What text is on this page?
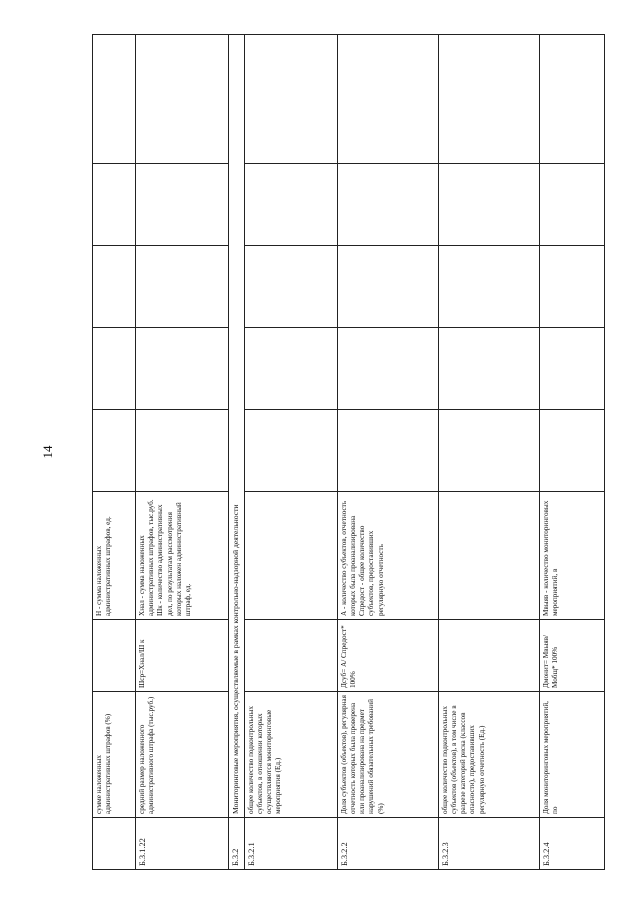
14
	сумме наложенных административных штрафов (%)		Н - сумма наложенных административных штрафов, ед.					
Б.3.1.22	средний размер наложенного административного штрафа (тыс.руб.)	Шср=Хнал/Ш к	Хнал - сумма наложенных административных штрафов, тыс.руб. Шк - количество административных дел, по результатам рассмотрения которых наложен административный штраф, ед.					
Б.3.2	Мониторинговые мероприятия, осуществляемые в рамках контрольно-надзорной деятельности							
Б.3.2.1	общее количество подконтрольных субъектов, в отношении которых осуществляются мониторинговые мероприятия (Ед.)							
Б.3.2.2	Доля субъектов (объектов), регулярная отчетность которых была проверена или проанализирована на предмет нарушений обязательных требований (%)	Дсуб= А/ Спредост* 100%	А - количество субъектов, отчетность которых была проанализирована Спредост - общее количество субъектов, предоставивших регулярную отчетность					
Б.3.2.3	общее количество подконтрольных субъектов (объектов), в том числе в разрезе категорий риска (классов опасности), предоставивших регулярную отчетность (Ед.)							
Б.3.2.4	Доля мониторинговых мероприятий, по	Дмонит= Мвыяв/ Мобщ* 100%	Мвыяв - количество мониторинговых мероприятий, в					
